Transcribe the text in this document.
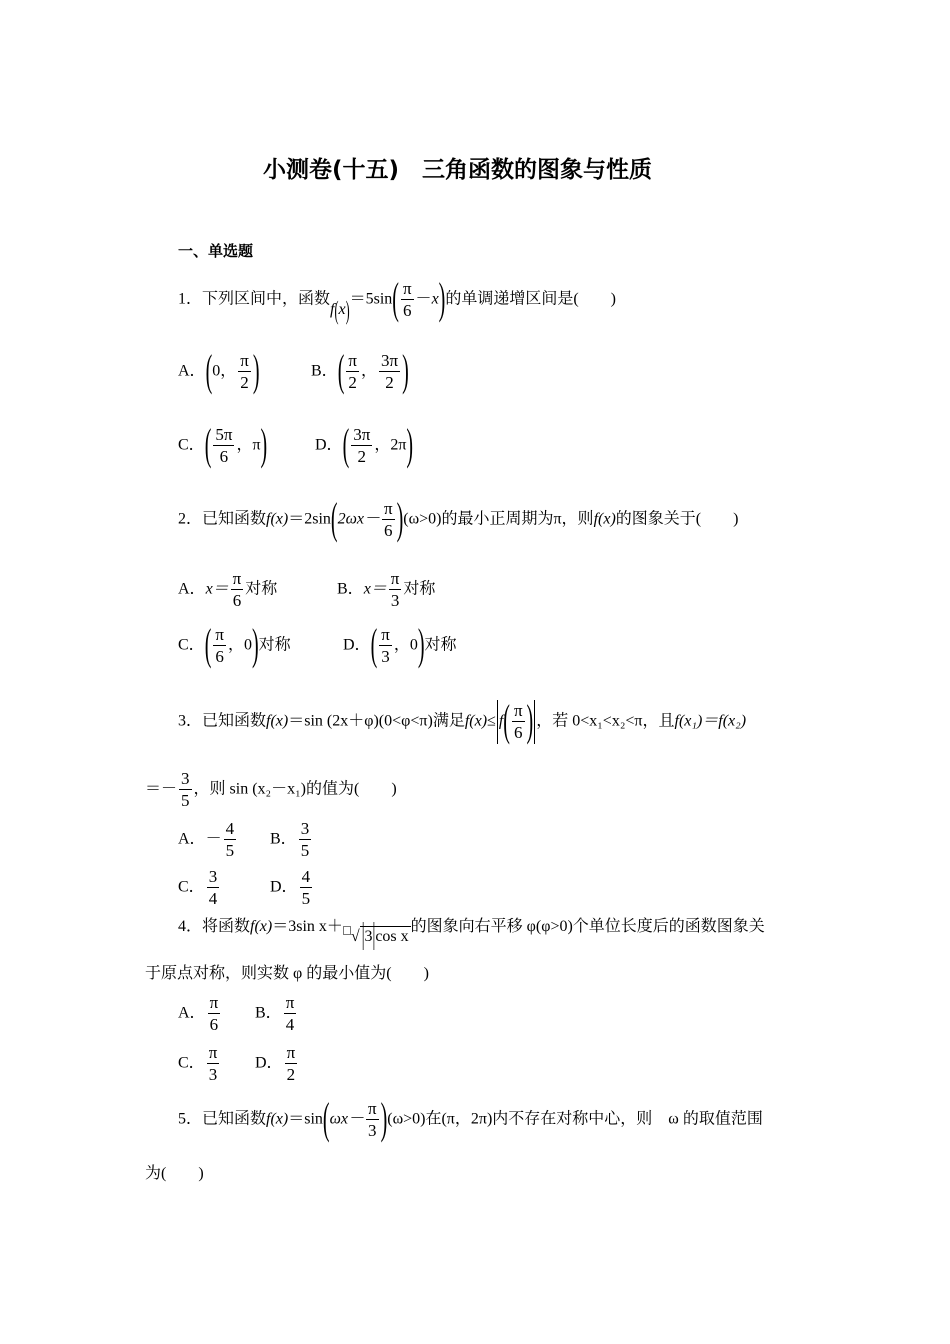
小测卷(十五)　三角函数的图象与性质
一、单选题
1．下列区间中，函数$f(x)=5\sin( \frac{\pi}{6} -x)$的单调递增区间是(　　)
A．(0， $\frac{\pi}{2}$ )	B．( $\frac{\pi}{2}$ ， $\frac{3\pi}{2}$ )
C．( $\frac{5\pi}{6}$ ，π)	D．( $\frac{3\pi}{2}$ ，2π)
2．已知函数$f(x)=2\sin(2\omega x- \frac{\pi}{6} )(\omega>0)$的最小正周期为π，则f(x)的图象关于(　　)
A．$x= \frac{\pi}{6}$ 对称	B．$x= \frac{\pi}{3}$ 对称
C．( $\frac{\pi}{6}$ ，0)对称	D．( $\frac{\pi}{3}$ ，0)对称
3．已知函数f(x)＝sin (2x＋φ)(0<φ<π)满足$f(x)\le f( \frac{\pi}{6}$ ) ，若 0<x₁<x₂<π，且f(x₁)＝f(x₂)
＝－ $\frac{3}{5}$ ，则 sin (x₂－x₁)的值为(　　)
A．－ $\frac{4}{5}$ B． $\frac{3}{5}$
C． $\frac{3}{4}$	D． $\frac{4}{5}$
4．将函数f(x)＝3sin x＋√ |3|cos x的图象向右平移 φ(φ>0)个单位长度后的函数图象关
于原点对称，则实数 φ 的最小值为(　　)
A． $\frac{\pi}{6}$ B． $\frac{\pi}{4}$
C． $\frac{\pi}{3}$ D． $\frac{\pi}{2}$
5．已知函数$f(x)=\sin(\omega x- \frac{\pi}{3} )(\omega>0)$在(π，2π)内不存在对称中心，则　ω 的取值范围
为(　　)
